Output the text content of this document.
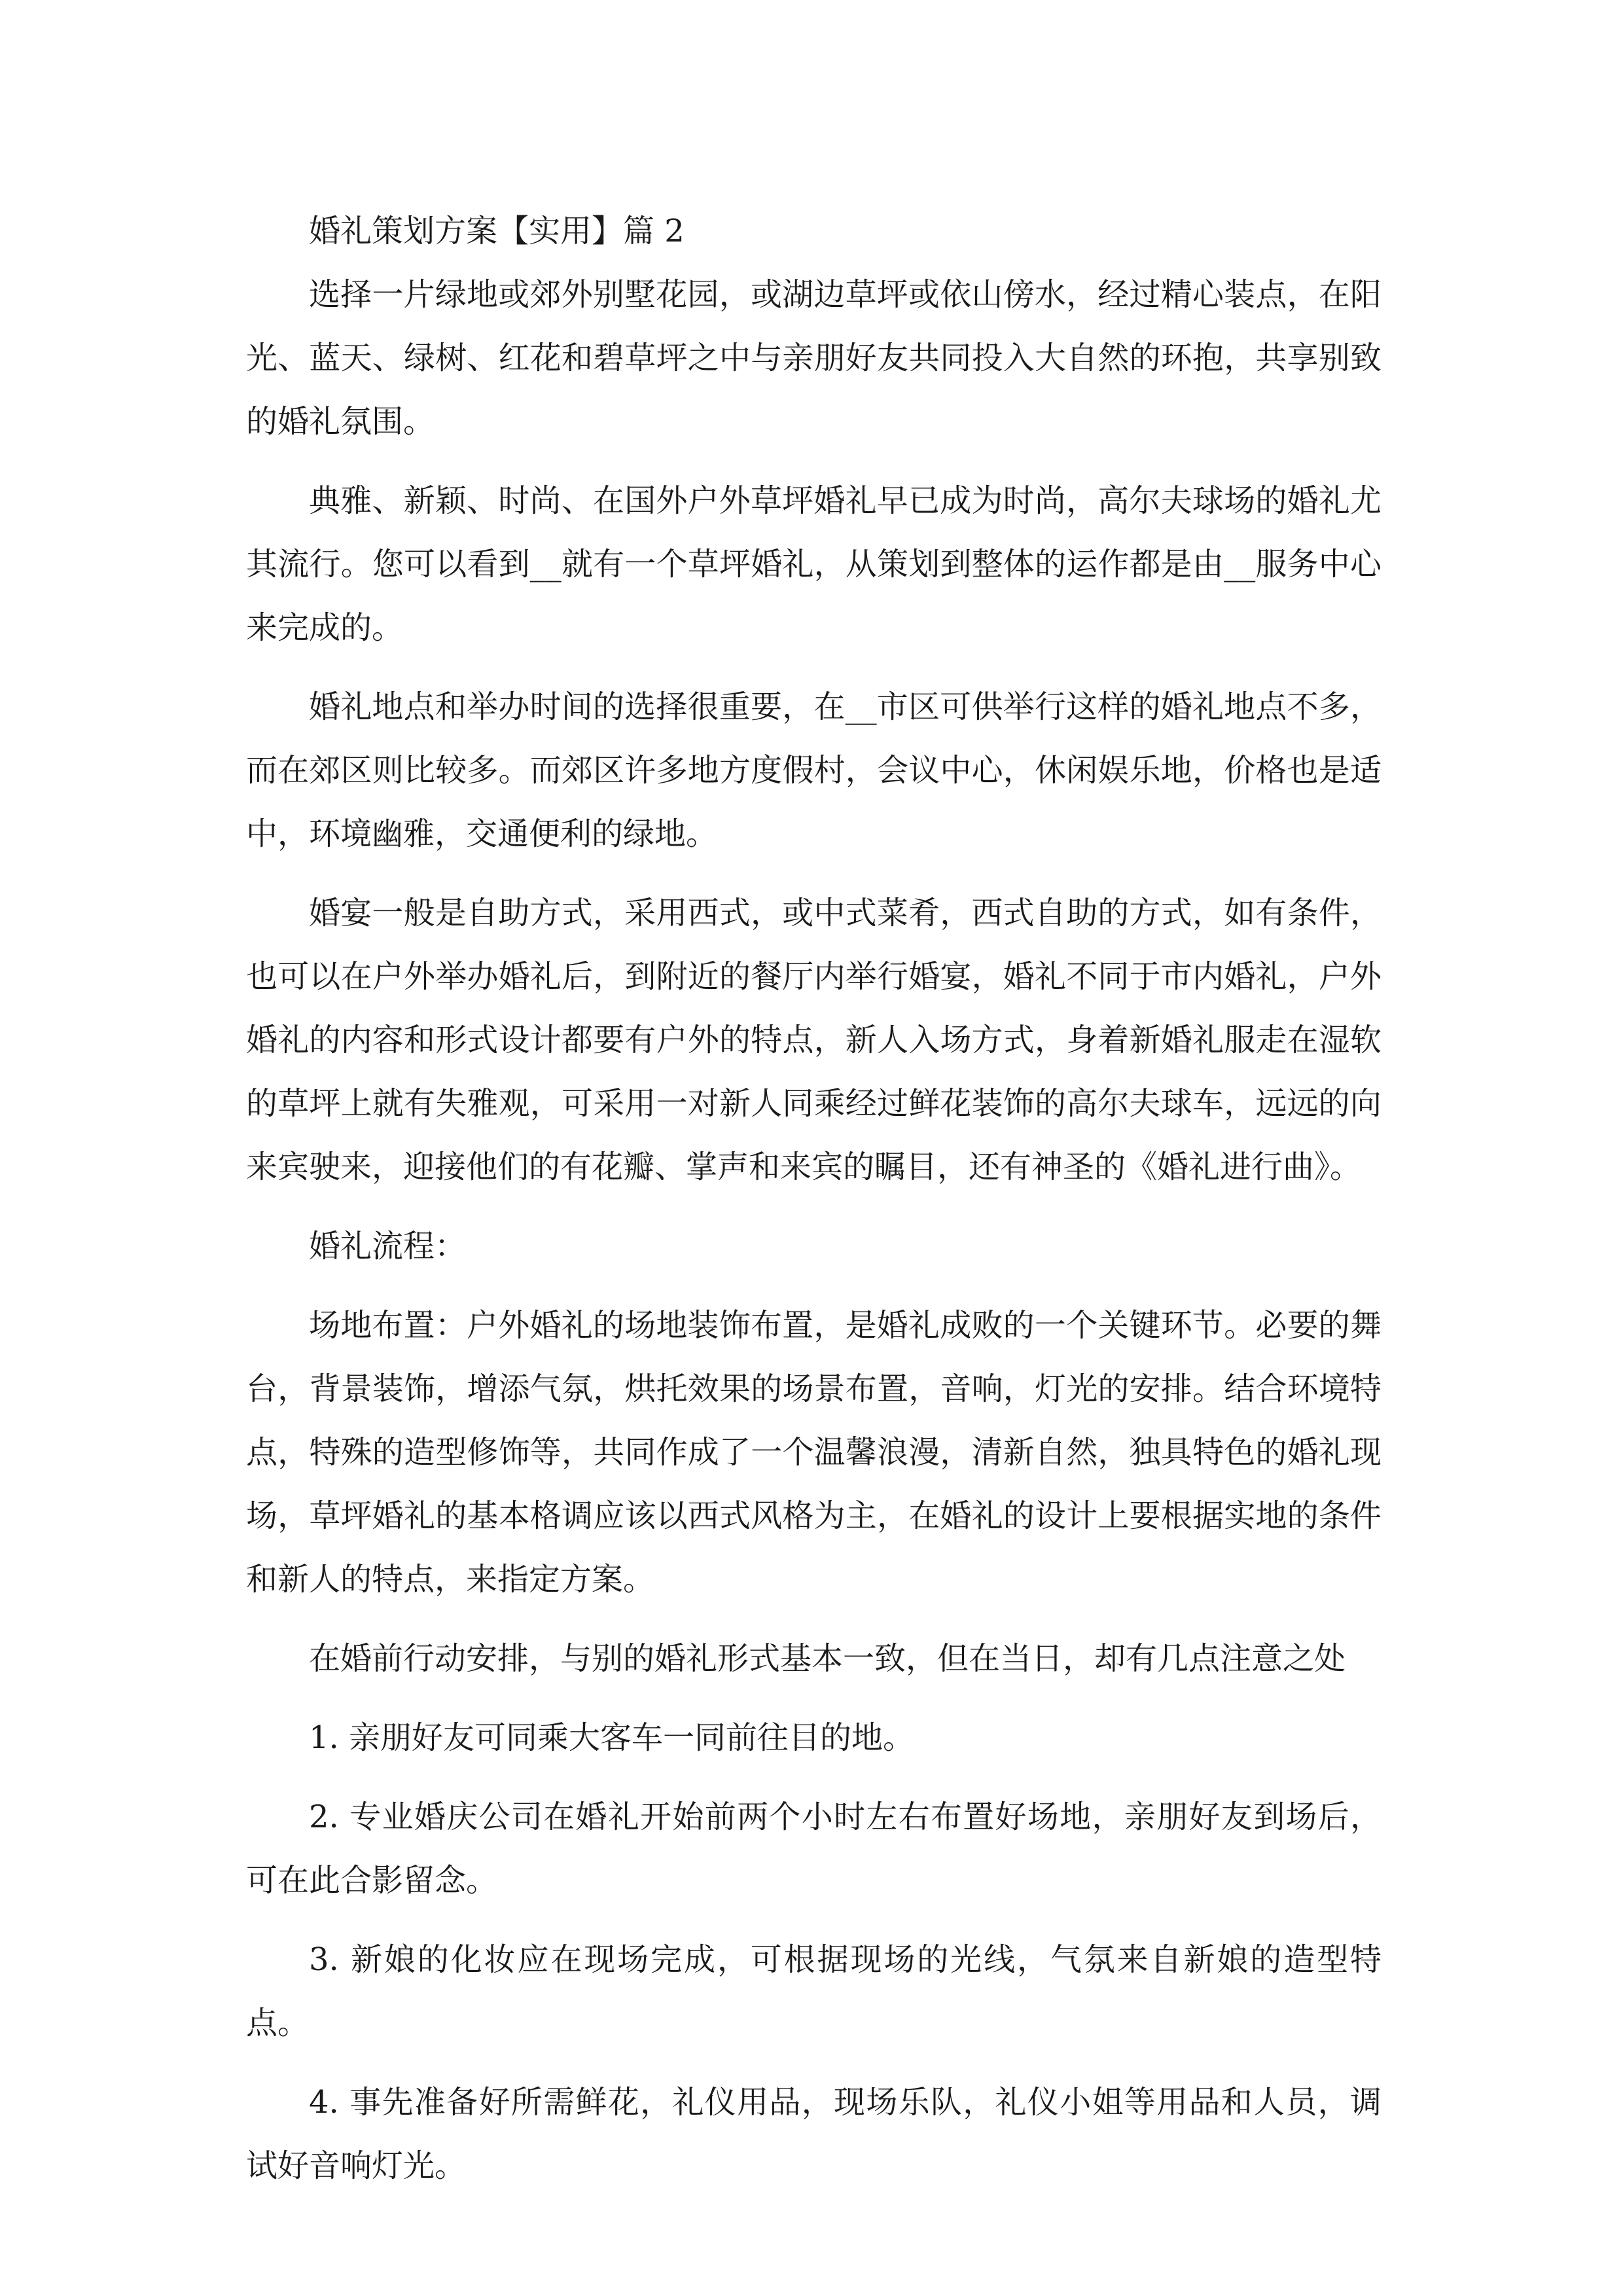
婚礼策划方案【实用】篇 2

选择一片绿地或郊外别墅花园，或湖边草坪或依山傍水，经过精心装点，在阳光、蓝天、绿树、红花和碧草坪之中与亲朋好友共同投入大自然的环抱，共享别致的婚礼氛围。

典雅、新颖、时尚、在国外户外草坪婚礼早已成为时尚，高尔夫球场的婚礼尤其流行。您可以看到__就有一个草坪婚礼，从策划到整体的运作都是由__服务中心来完成的。

婚礼地点和举办时间的选择很重要，在__市区可供举行这样的婚礼地点不多，而在郊区则比较多。而郊区许多地方度假村，会议中心，休闲娱乐地，价格也是适中，环境幽雅，交通便利的绿地。

婚宴一般是自助方式，采用西式，或中式菜肴，西式自助的方式，如有条件，也可以在户外举办婚礼后，到附近的餐厅内举行婚宴，婚礼不同于市内婚礼，户外婚礼的内容和形式设计都要有户外的特点，新人入场方式，身着新婚礼服走在湿软的草坪上就有失雅观，可采用一对新人同乘经过鲜花装饰的高尔夫球车，远远的向来宾驶来，迎接他们的有花瓣、掌声和来宾的瞩目，还有神圣的《婚礼进行曲》。

婚礼流程：

场地布置：户外婚礼的场地装饰布置，是婚礼成败的一个关键环节。必要的舞台，背景装饰，增添气氛，烘托效果的场景布置，音响，灯光的安排。结合环境特点，特殊的造型修饰等，共同作成了一个温馨浪漫，清新自然，独具特色的婚礼现场，草坪婚礼的基本格调应该以西式风格为主，在婚礼的设计上要根据实地的条件和新人的特点，来指定方案。

在婚前行动安排，与别的婚礼形式基本一致，但在当日，却有几点注意之处

1. 亲朋好友可同乘大客车一同前往目的地。

2. 专业婚庆公司在婚礼开始前两个小时左右布置好场地，亲朋好友到场后，可在此合影留念。

3. 新娘的化妆应在现场完成，可根据现场的光线，气氛来自新娘的造型特点。

4. 事先准备好所需鲜花，礼仪用品，现场乐队，礼仪小姐等用品和人员，调试好音响灯光。
